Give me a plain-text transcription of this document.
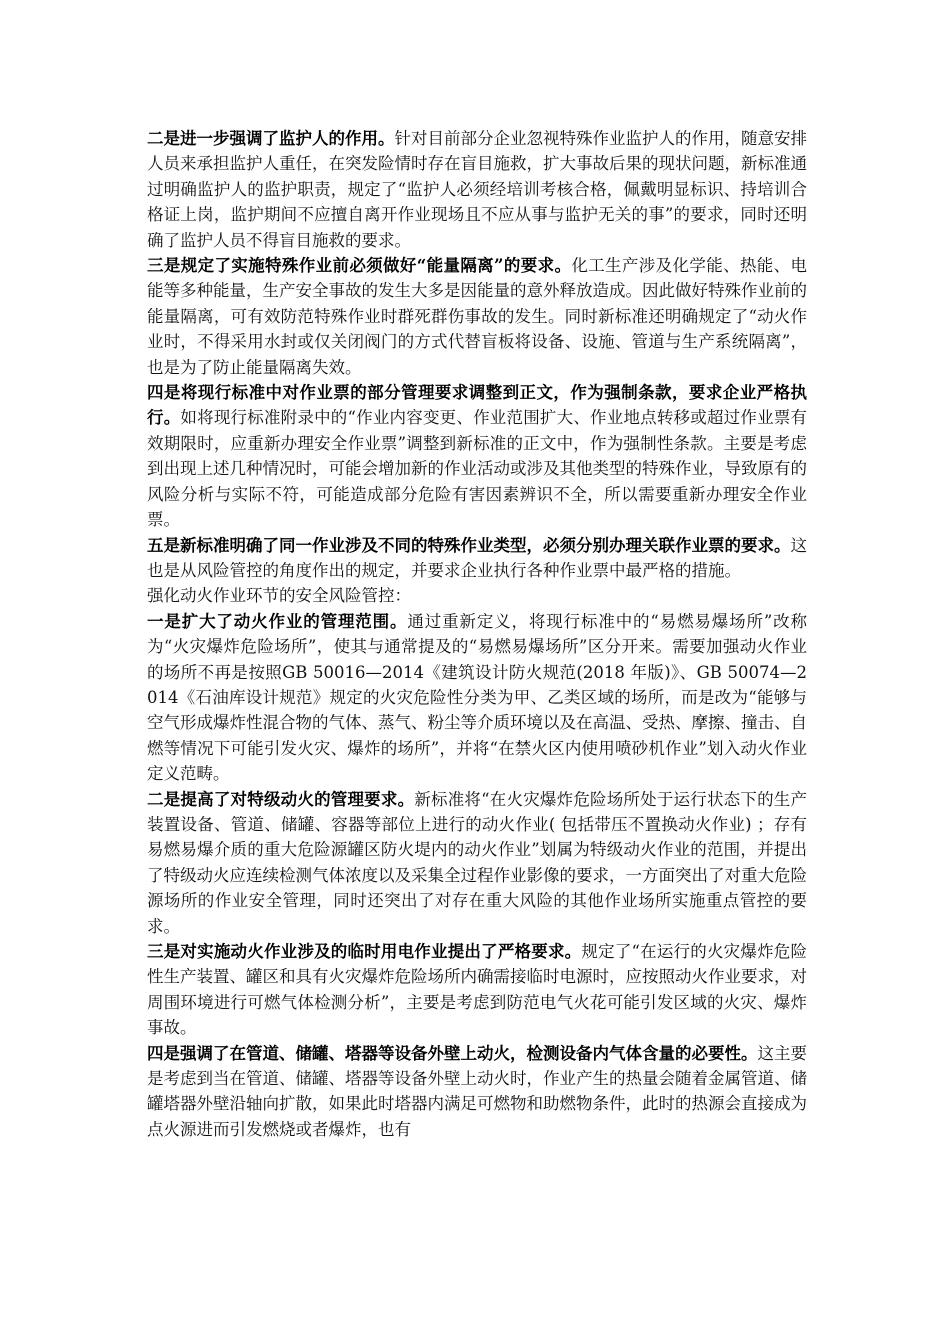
二是进一步强调了监护人的作用。针对目前部分企业忽视特殊作业监护人的作用，随意安排人员来承担监护人重任，在突发险情时存在盲目施救，扩大事故后果的现状问题，新标准通过明确监护人的监护职责，规定了“监护人必须经培训考核合格，佩戴明显标识、持培训合格证上岗，监护期间不应擅自离开作业现场且不应从事与监护无关的事”的要求，同时还明确了监护人员不得盲目施救的要求。

三是规定了实施特殊作业前必须做好“能量隔离”的要求。化工生产涉及化学能、热能、电能等多种能量，生产安全事故的发生大多是因能量的意外释放造成。因此做好特殊作业前的能量隔离，可有效防范特殊作业时群死群伤事故的发生。同时新标准还明确规定了“动火作业时，不得采用水封或仅关闭阀门的方式代替盲板将设备、设施、管道与生产系统隔离”，也是为了防止能量隔离失效。

四是将现行标准中对作业票的部分管理要求调整到正文，作为强制条款，要求企业严格执行。如将现行标准附录中的“作业内容变更、作业范围扩大、作业地点转移或超过作业票有效期限时，应重新办理安全作业票”调整到新标准的正文中，作为强制性条款。主要是考虑到出现上述几种情况时，可能会增加新的作业活动或涉及其他类型的特殊作业，导致原有的风险分析与实际不符，可能造成部分危险有害因素辨识不全，所以需要重新办理安全作业票。

五是新标准明确了同一作业涉及不同的特殊作业类型，必须分别办理关联作业票的要求。这也是从风险管控的角度作出的规定，并要求企业执行各种作业票中最严格的措施。

强化动火作业环节的安全风险管控：

一是扩大了动火作业的管理范围。通过重新定义，将现行标准中的“易燃易爆场所”改称为“火灾爆炸危险场所”，使其与通常提及的“易燃易爆场所”区分开来。需要加强动火作业的场所不再是按照GB 50016—2014《建筑设计防火规范(2018 年版)》、GB 50074—2014《石油库设计规范》规定的火灾危险性分类为甲、乙类区域的场所，而是改为“能够与空气形成爆炸性混合物的气体、蒸气、粉尘等介质环境以及在高温、受热、摩擦、撞击、自燃等情况下可能引发火灾、爆炸的场所”，并将“在禁火区内使用喷砂机作业”划入动火作业定义范畴。

二是提高了对特级动火的管理要求。新标准将“在火灾爆炸危险场所处于运行状态下的生产装置设备、管道、储罐、容器等部位上进行的动火作业( 包括带压不置换动火作业) ；存有易燃易爆介质的重大危险源罐区防火堤内的动火作业”划属为特级动火作业的范围，并提出了特级动火应连续检测气体浓度以及采集全过程作业影像的要求，一方面突出了对重大危险源场所的作业安全管理，同时还突出了对存在重大风险的其他作业场所实施重点管控的要求。

三是对实施动火作业涉及的临时用电作业提出了严格要求。规定了“在运行的火灾爆炸危险性生产装置、罐区和具有火灾爆炸危险场所内确需接临时电源时，应按照动火作业要求，对周围环境进行可燃气体检测分析”，主要是考虑到防范电气火花可能引发区域的火灾、爆炸事故。

四是强调了在管道、储罐、塔器等设备外壁上动火，检测设备内气体含量的必要性。这主要是考虑到当在管道、储罐、塔器等设备外壁上动火时，作业产生的热量会随着金属管道、储罐塔器外壁沿轴向扩散，如果此时塔器内满足可燃物和助燃物条件，此时的热源会直接成为点火源进而引发燃烧或者爆炸，也有
